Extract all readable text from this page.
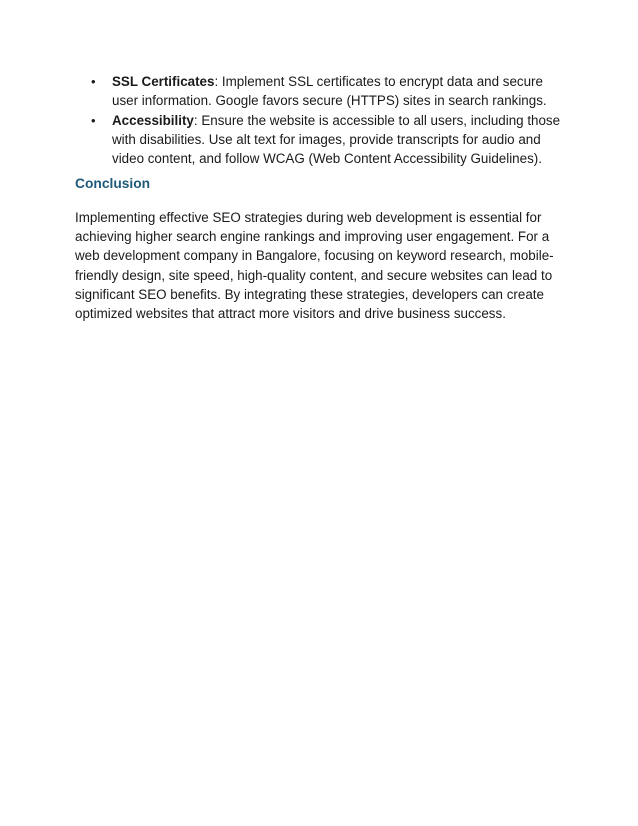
• SSL Certificates: Implement SSL certificates to encrypt data and secure user information. Google favors secure (HTTPS) sites in search rankings.
• Accessibility: Ensure the website is accessible to all users, including those with disabilities. Use alt text for images, provide transcripts for audio and video content, and follow WCAG (Web Content Accessibility Guidelines).
Conclusion

Implementing effective SEO strategies during web development is essential for achieving higher search engine rankings and improving user engagement. For a web development company in Bangalore, focusing on keyword research, mobile-friendly design, site speed, high-quality content, and secure websites can lead to significant SEO benefits. By integrating these strategies, developers can create optimized websites that attract more visitors and drive business success.
